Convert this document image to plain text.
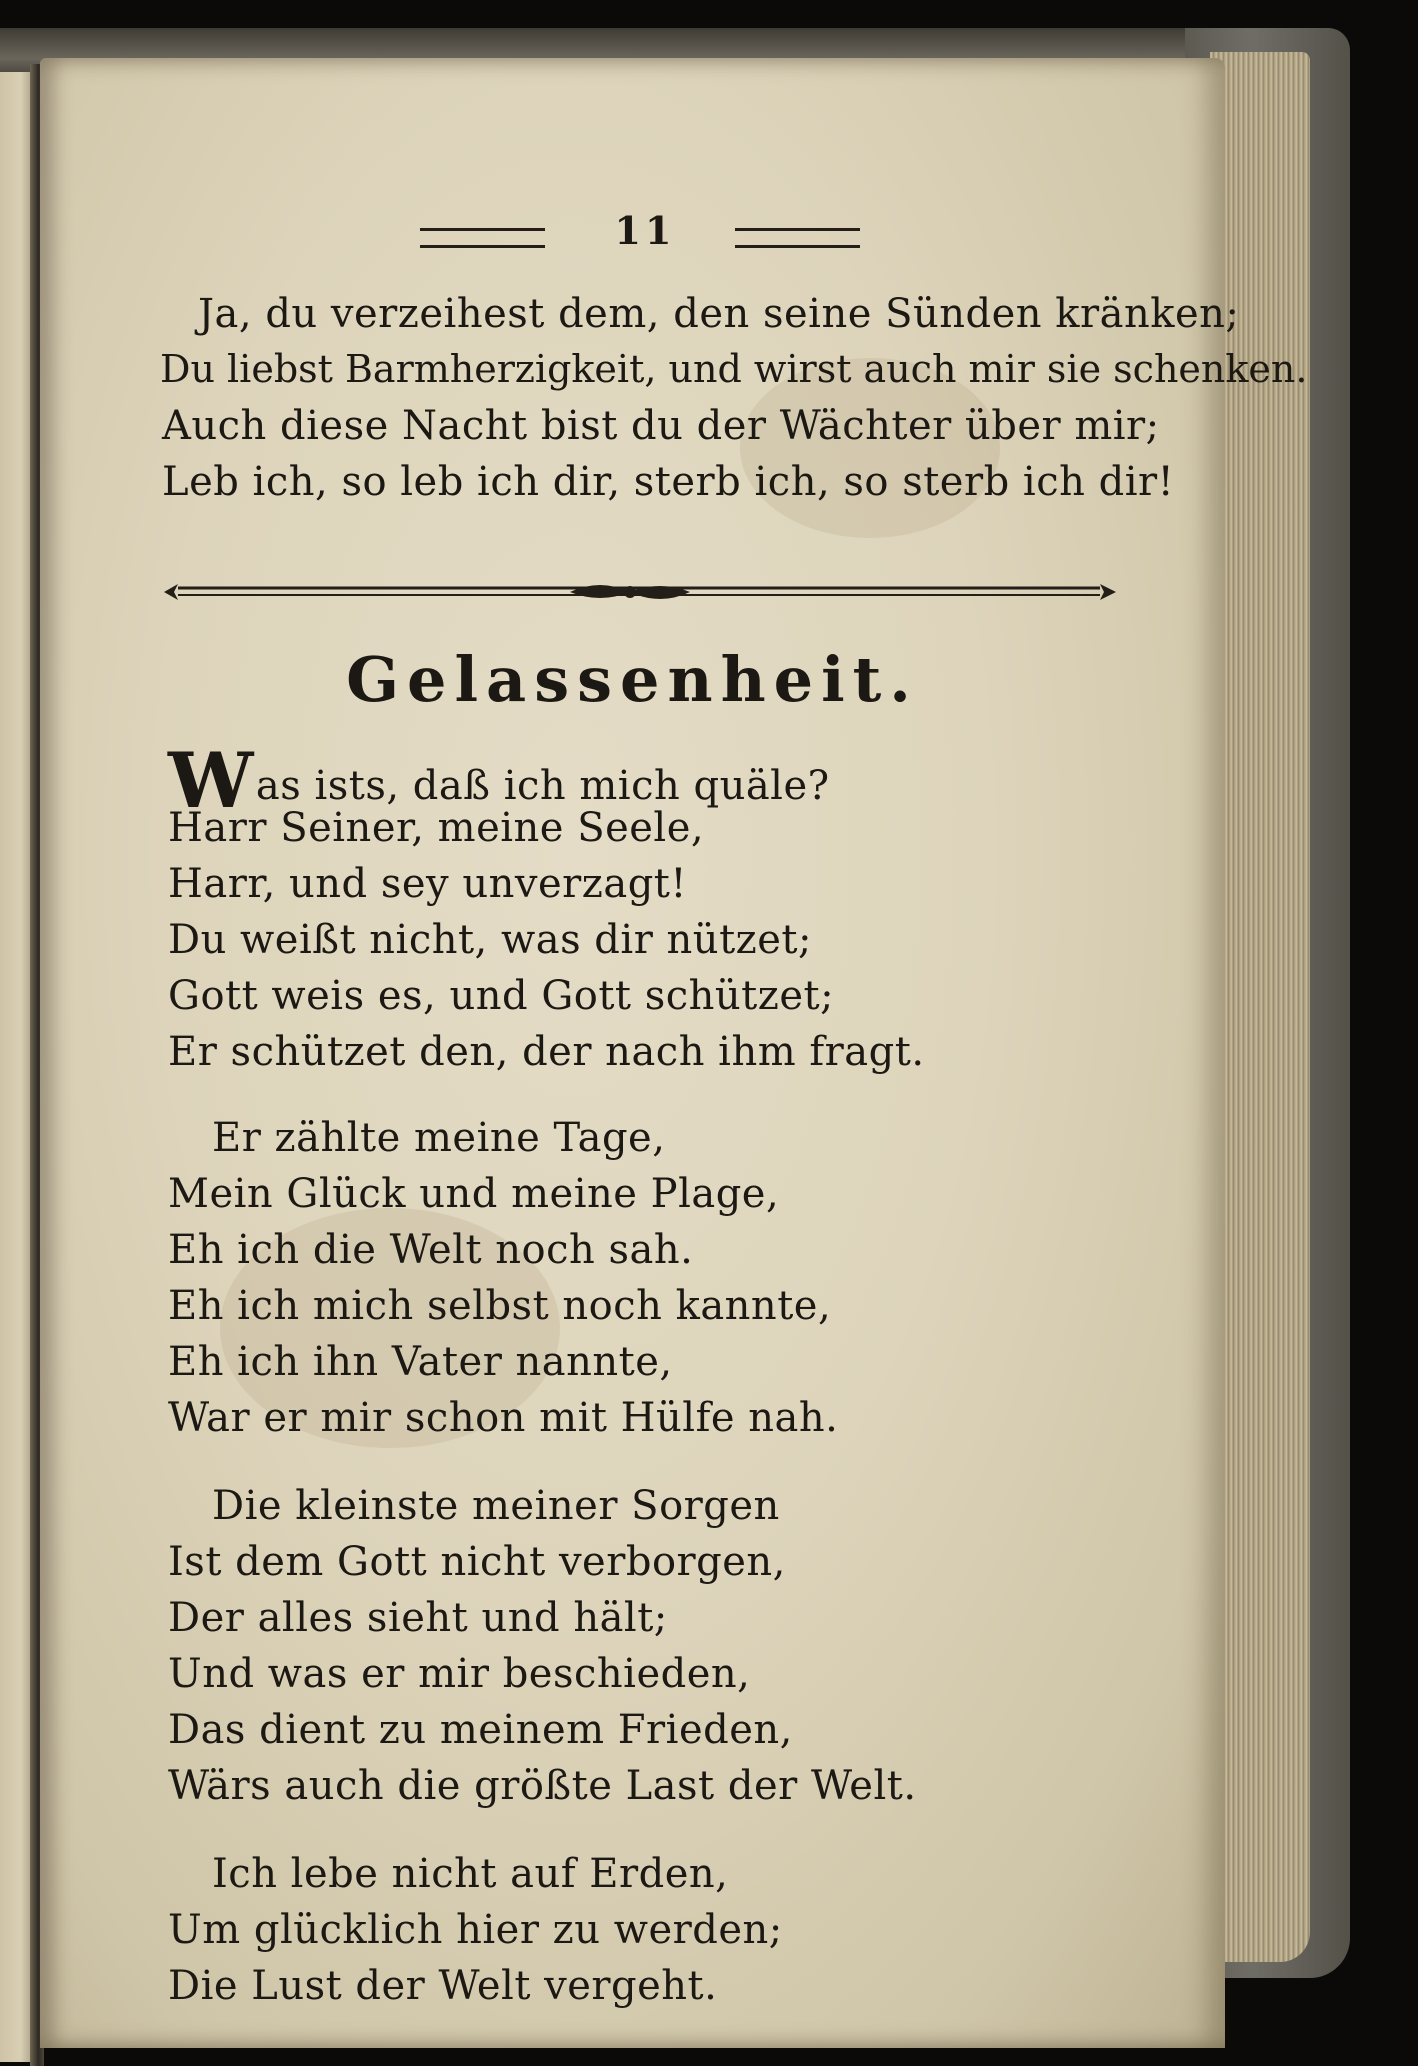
11
Ja, du verzeihest dem, den seine Sünden kränken;
Du liebst Barmherzigkeit, und wirst auch mir sie schenken.
Auch diese Nacht bist du der Wächter über mir;
Leb ich, so leb ich dir, sterb ich, so sterb ich dir!
Gelassenheit.
Was ists, daß ich mich quäle?
Harr Seiner, meine Seele,
Harr, und sey unverzagt!
Du weißt nicht, was dir nützet;
Gott weis es, und Gott schützet;
Er schützet den, der nach ihm fragt.
Er zählte meine Tage,
Mein Glück und meine Plage,
Eh ich die Welt noch sah.
Eh ich mich selbst noch kannte,
Eh ich ihn Vater nannte,
War er mir schon mit Hülfe nah.
Die kleinste meiner Sorgen
Ist dem Gott nicht verborgen,
Der alles sieht und hält;
Und was er mir beschieden,
Das dient zu meinem Frieden,
Wärs auch die größte Last der Welt.
Ich lebe nicht auf Erden,
Um glücklich hier zu werden;
Die Lust der Welt vergeht.
